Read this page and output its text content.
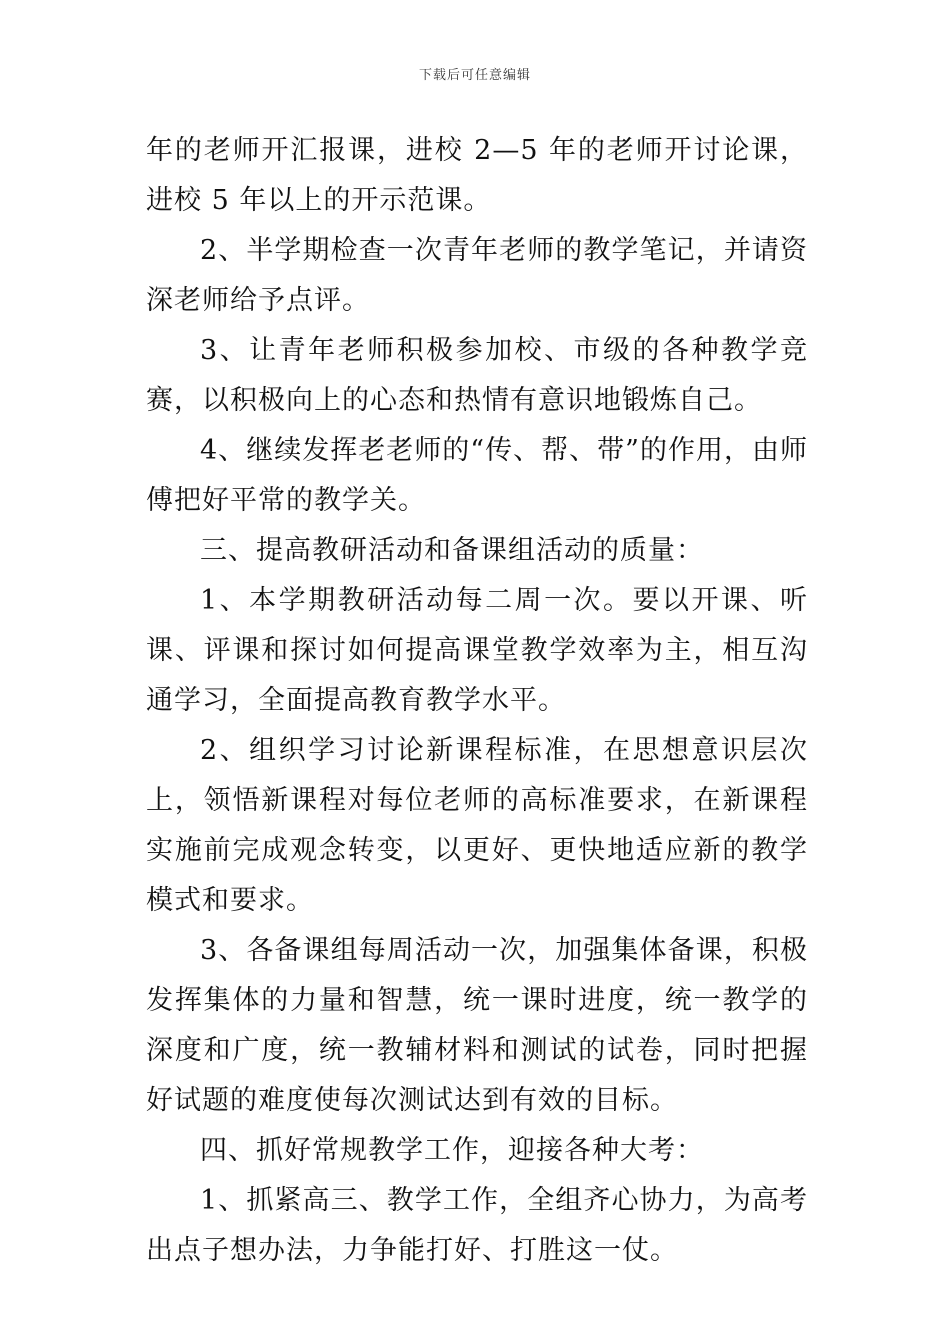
下载后可任意编辑

年的老师开汇报课，进校 2—5 年的老师开讨论课，进校 5 年以上的开示范课。

2、半学期检查一次青年老师的教学笔记，并请资深老师给予点评。

3、让青年老师积极参加校、市级的各种教学竞赛，以积极向上的心态和热情有意识地锻炼自己。

4、继续发挥老老师的“传、帮、带”的作用，由师傅把好平常的教学关。

三、提高教研活动和备课组活动的质量：

1、本学期教研活动每二周一次。要以开课、听课、评课和探讨如何提高课堂教学效率为主，相互沟通学习，全面提高教育教学水平。

2、组织学习讨论新课程标准，在思想意识层次上，领悟新课程对每位老师的高标准要求，在新课程实施前完成观念转变，以更好、更快地适应新的教学模式和要求。

3、各备课组每周活动一次，加强集体备课，积极发挥集体的力量和智慧，统一课时进度，统一教学的深度和广度，统一教辅材料和测试的试卷，同时把握好试题的难度使每次测试达到有效的目标。

四、抓好常规教学工作，迎接各种大考：

1、抓紧高三、教学工作，全组齐心协力，为高考出点子想办法，力争能打好、打胜这一仗。
